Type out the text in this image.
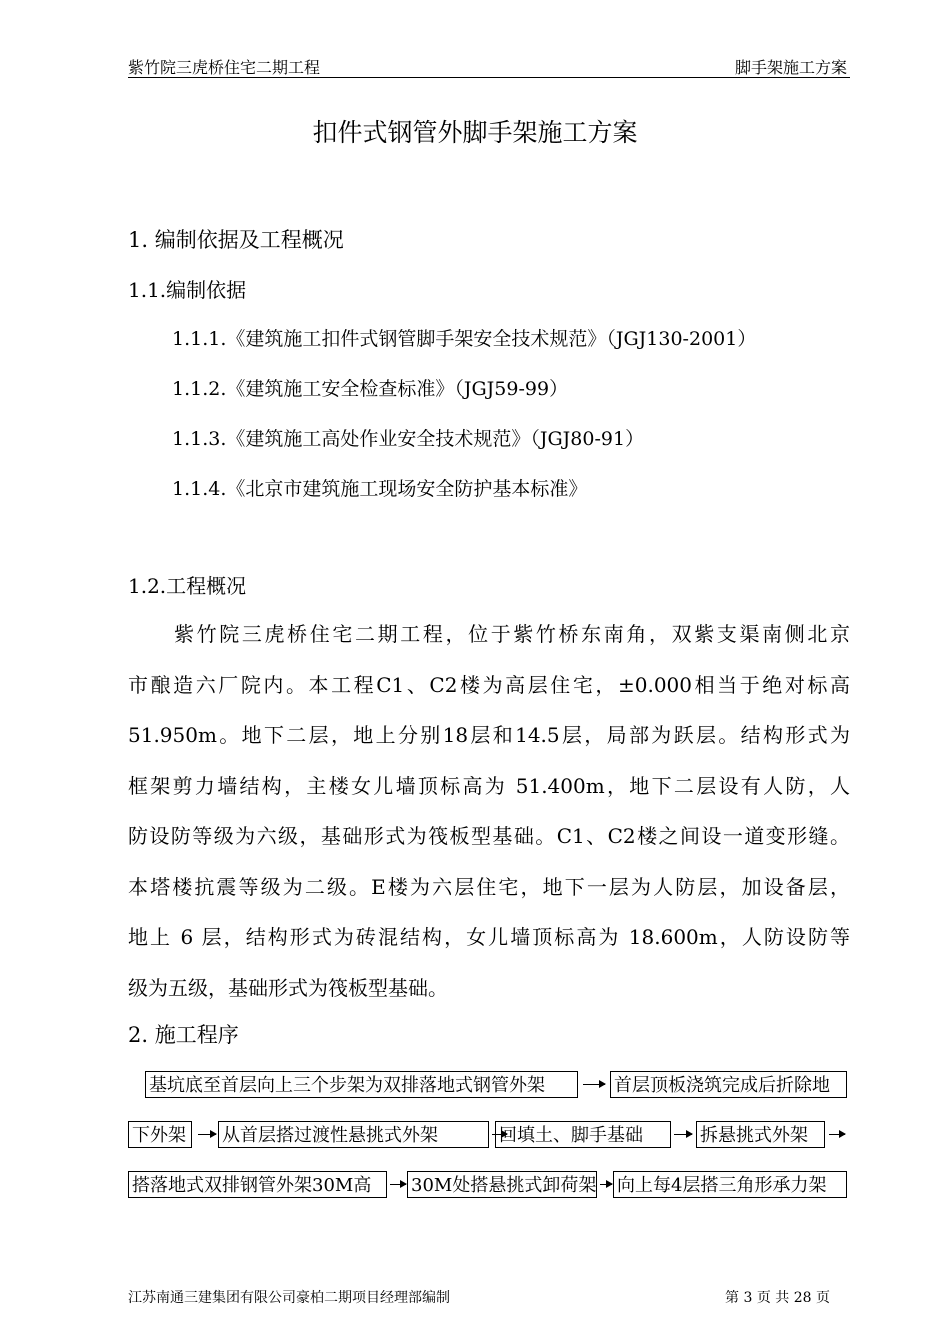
紫竹院三虎桥住宅二期工程	脚手架施工方案
扣件式钢管外脚手架施工方案
1. 编制依据及工程概况
1.1.编制依据
1.1.1.《建筑施工扣件式钢管脚手架安全技术规范》（JGJ130-2001）
1.1.2.《建筑施工安全检查标准》（JGJ59-99）
1.1.3.《建筑施工高处作业安全技术规范》（JGJ80-91）
1.1.4.《北京市建筑施工现场安全防护基本标准》
1.2.工程概况
紫竹院三虎桥住宅二期工程，位于紫竹桥东南角，双紫支渠南侧北京
市酿造六厂院内。本工程C1、C2楼为高层住宅，±0.000相当于绝对标高
51.950m。地下二层，地上分别18层和14.5层，局部为跃层。结构形式为
框架剪力墙结构，主楼女儿墙顶标高为 51.400m，地下二层设有人防，人
防设防等级为六级，基础形式为筏板型基础。C1、C2楼之间设一道变形缝。
本塔楼抗震等级为二级。E楼为六层住宅，地下一层为人防层，加设备层，
地上 6 层，结构形式为砖混结构，女儿墙顶标高为 18.600m，人防设防等
级为五级，基础形式为筏板型基础。
2. 施工程序
基坑底至首层向上三个步架为双排落地式钢管外架	首层顶板浇筑完成后折除地
下外架	从首层搭过渡性悬挑式外架	回填土、脚手基础	拆悬挑式外架
搭落地式双排钢管外架30M高	30M处搭悬挑式卸荷架 向上每4层搭三角形承力架
江苏南通三建集团有限公司豪柏二期项目经理部编制	第 3 页 共 28 页
